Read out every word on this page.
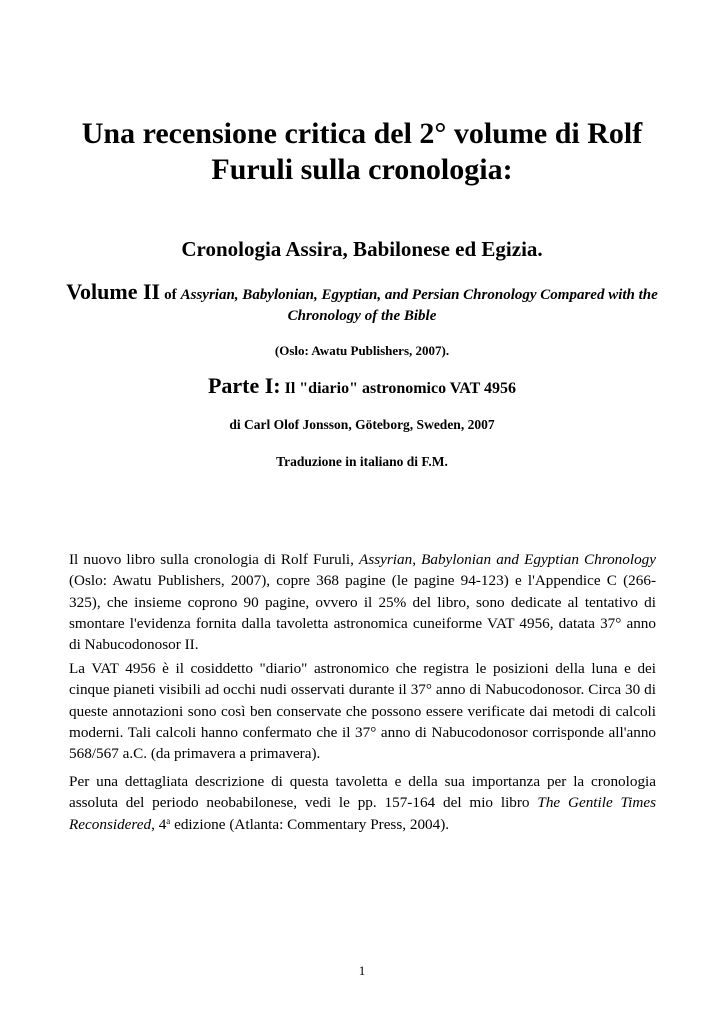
Una recensione critica del 2° volume di Rolf Furuli sulla cronologia:
Cronologia Assira, Babilonese ed Egizia.

Volume II of Assyrian, Babylonian, Egyptian, and Persian Chronology Compared with the Chronology of the Bible

(Oslo: Awatu Publishers, 2007).

Parte I: Il "diario" astronomico VAT 4956

di Carl Olof Jonsson, Göteborg, Sweden, 2007

Traduzione in italiano di F.M.

Il nuovo libro sulla cronologia di Rolf Furuli, Assyrian, Babylonian and Egyptian Chronology (Oslo: Awatu Publishers, 2007), copre 368 pagine (le pagine 94-123) e l'Appendice C (266-325), che insieme coprono 90 pagine, ovvero il 25% del libro, sono dedicate al tentativo di smontare l'evidenza fornita dalla tavoletta astronomica cuneiforme VAT 4956, datata 37° anno di Nabucodonosor II.

La VAT 4956 è il cosiddetto "diario" astronomico che registra le posizioni della luna e dei cinque pianeti visibili ad occhi nudi osservati durante il 37° anno di Nabucodonosor. Circa 30 di queste annotazioni sono così ben conservate che possono essere verificate dai metodi di calcoli moderni. Tali calcoli hanno confermato che il 37° anno di Nabucodonosor corrisponde all'anno 568/567 a.C. (da primavera a primavera).

Per una dettagliata descrizione di questa tavoletta e della sua importanza per la cronologia assoluta del periodo neobabilonese, vedi le pp. 157-164 del mio libro The Gentile Times Reconsidered, 4$^a$ edizione (Atlanta: Commentary Press, 2004).

1
